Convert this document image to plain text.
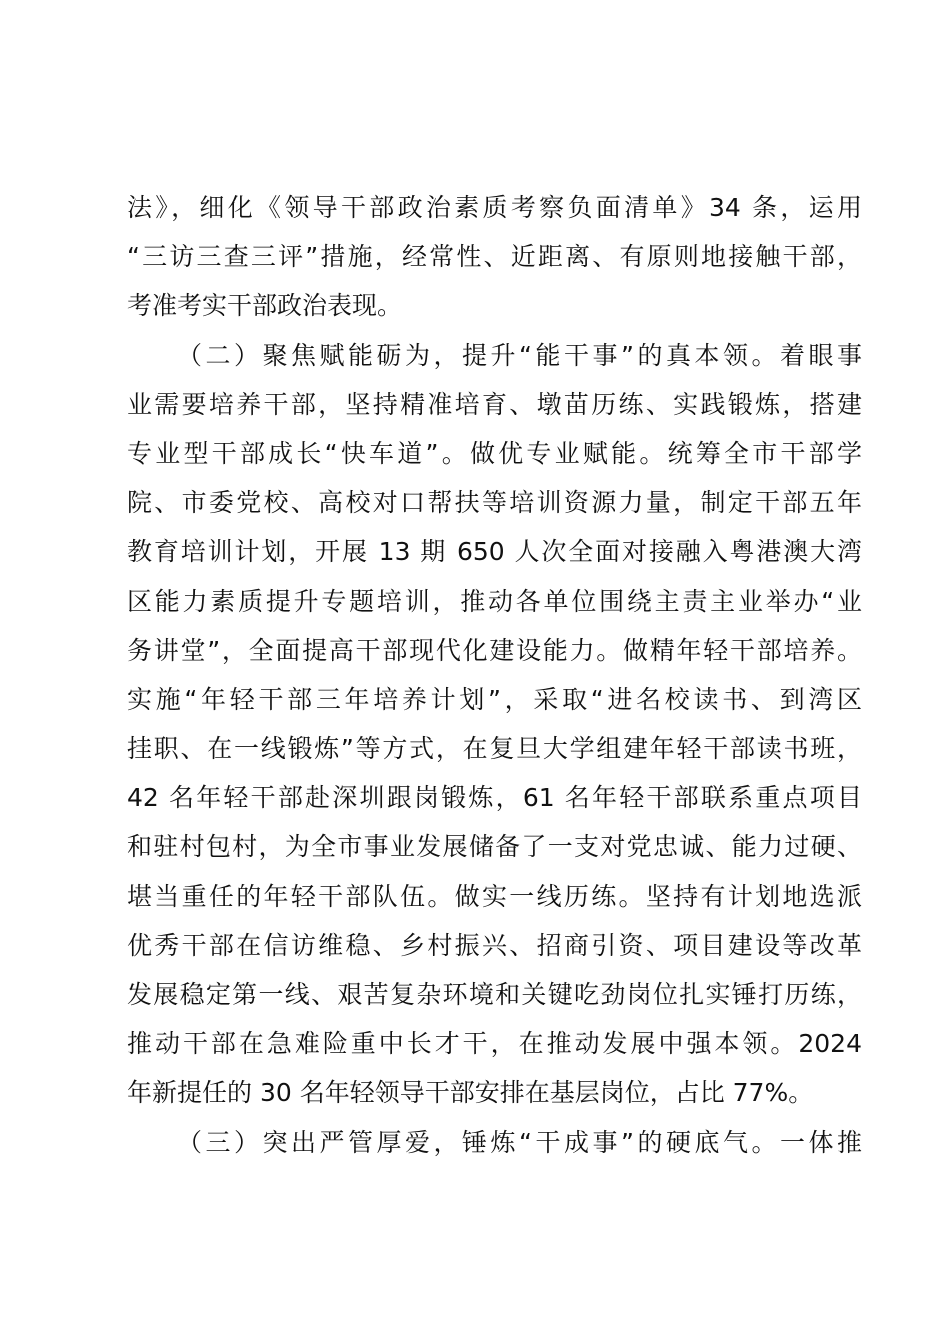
法》，细化《领导干部政治素质考察负面清单》34 条，运用
“三访三查三评”措施，经常性、近距离、有原则地接触干部，
考准考实干部政治表现。
（二）聚焦赋能砺为，提升“能干事”的真本领。着眼事
业需要培养干部，坚持精准培育、墩苗历练、实践锻炼，搭建
专业型干部成长“快车道”。做优专业赋能。统筹全市干部学
院、市委党校、高校对口帮扶等培训资源力量，制定干部五年
教育培训计划，开展 13 期 650 人次全面对接融入粤港澳大湾
区能力素质提升专题培训，推动各单位围绕主责主业举办“业
务讲堂”，全面提高干部现代化建设能力。做精年轻干部培养。
实施“年轻干部三年培养计划”，采取“进名校读书、到湾区
挂职、在一线锻炼”等方式，在复旦大学组建年轻干部读书班，
42 名年轻干部赴深圳跟岗锻炼，61 名年轻干部联系重点项目
和驻村包村，为全市事业发展储备了一支对党忠诚、能力过硬、
堪当重任的年轻干部队伍。做实一线历练。坚持有计划地选派
优秀干部在信访维稳、乡村振兴、招商引资、项目建设等改革
发展稳定第一线、艰苦复杂环境和关键吃劲岗位扎实锤打历练，
推动干部在急难险重中长才干，在推动发展中强本领。2024
年新提任的 30 名年轻领导干部安排在基层岗位，占比 77%。
（三）突出严管厚爱，锤炼“干成事”的硬底气。一体推
